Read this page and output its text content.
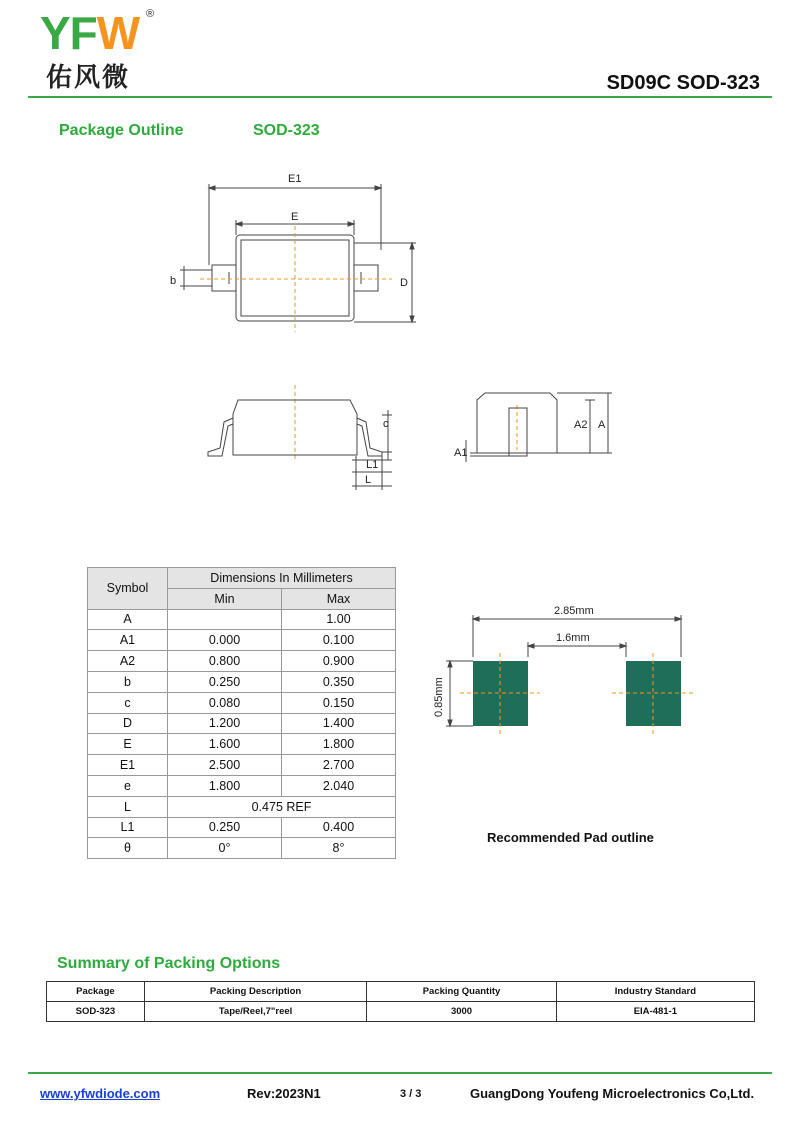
YFW ®
佑风微	SD09C SOD-323
Package Outline	SOD-323
E1
E
b	D
c
L1
L
A1
A2 A
Symbol	Dimensions In Millimeters	
	Min	Max
A		1.00
A1	0.000	0.100
A2	0.800	0.900
b	0.250	0.350
c	0.080	0.150
D	1.200	1.400
E	1.600	1.800
E1	2.500	2.700
e	1.800	2.040
L	0.475 REF	
L1	0.250	0.400
θ	0°	8°
2.85mm
1.6mm
0.85mm
Recommended Pad outline
Summary of Packing Options
Package	Packing Description	Packing Quantity	Industry Standard
SOD-323	Tape/Reel,7"reel	3000	EIA-481-1
www.yfwdiode.com	Rev:2023N1	3 / 3	GuangDong Youfeng Microelectronics Co,Ltd.
